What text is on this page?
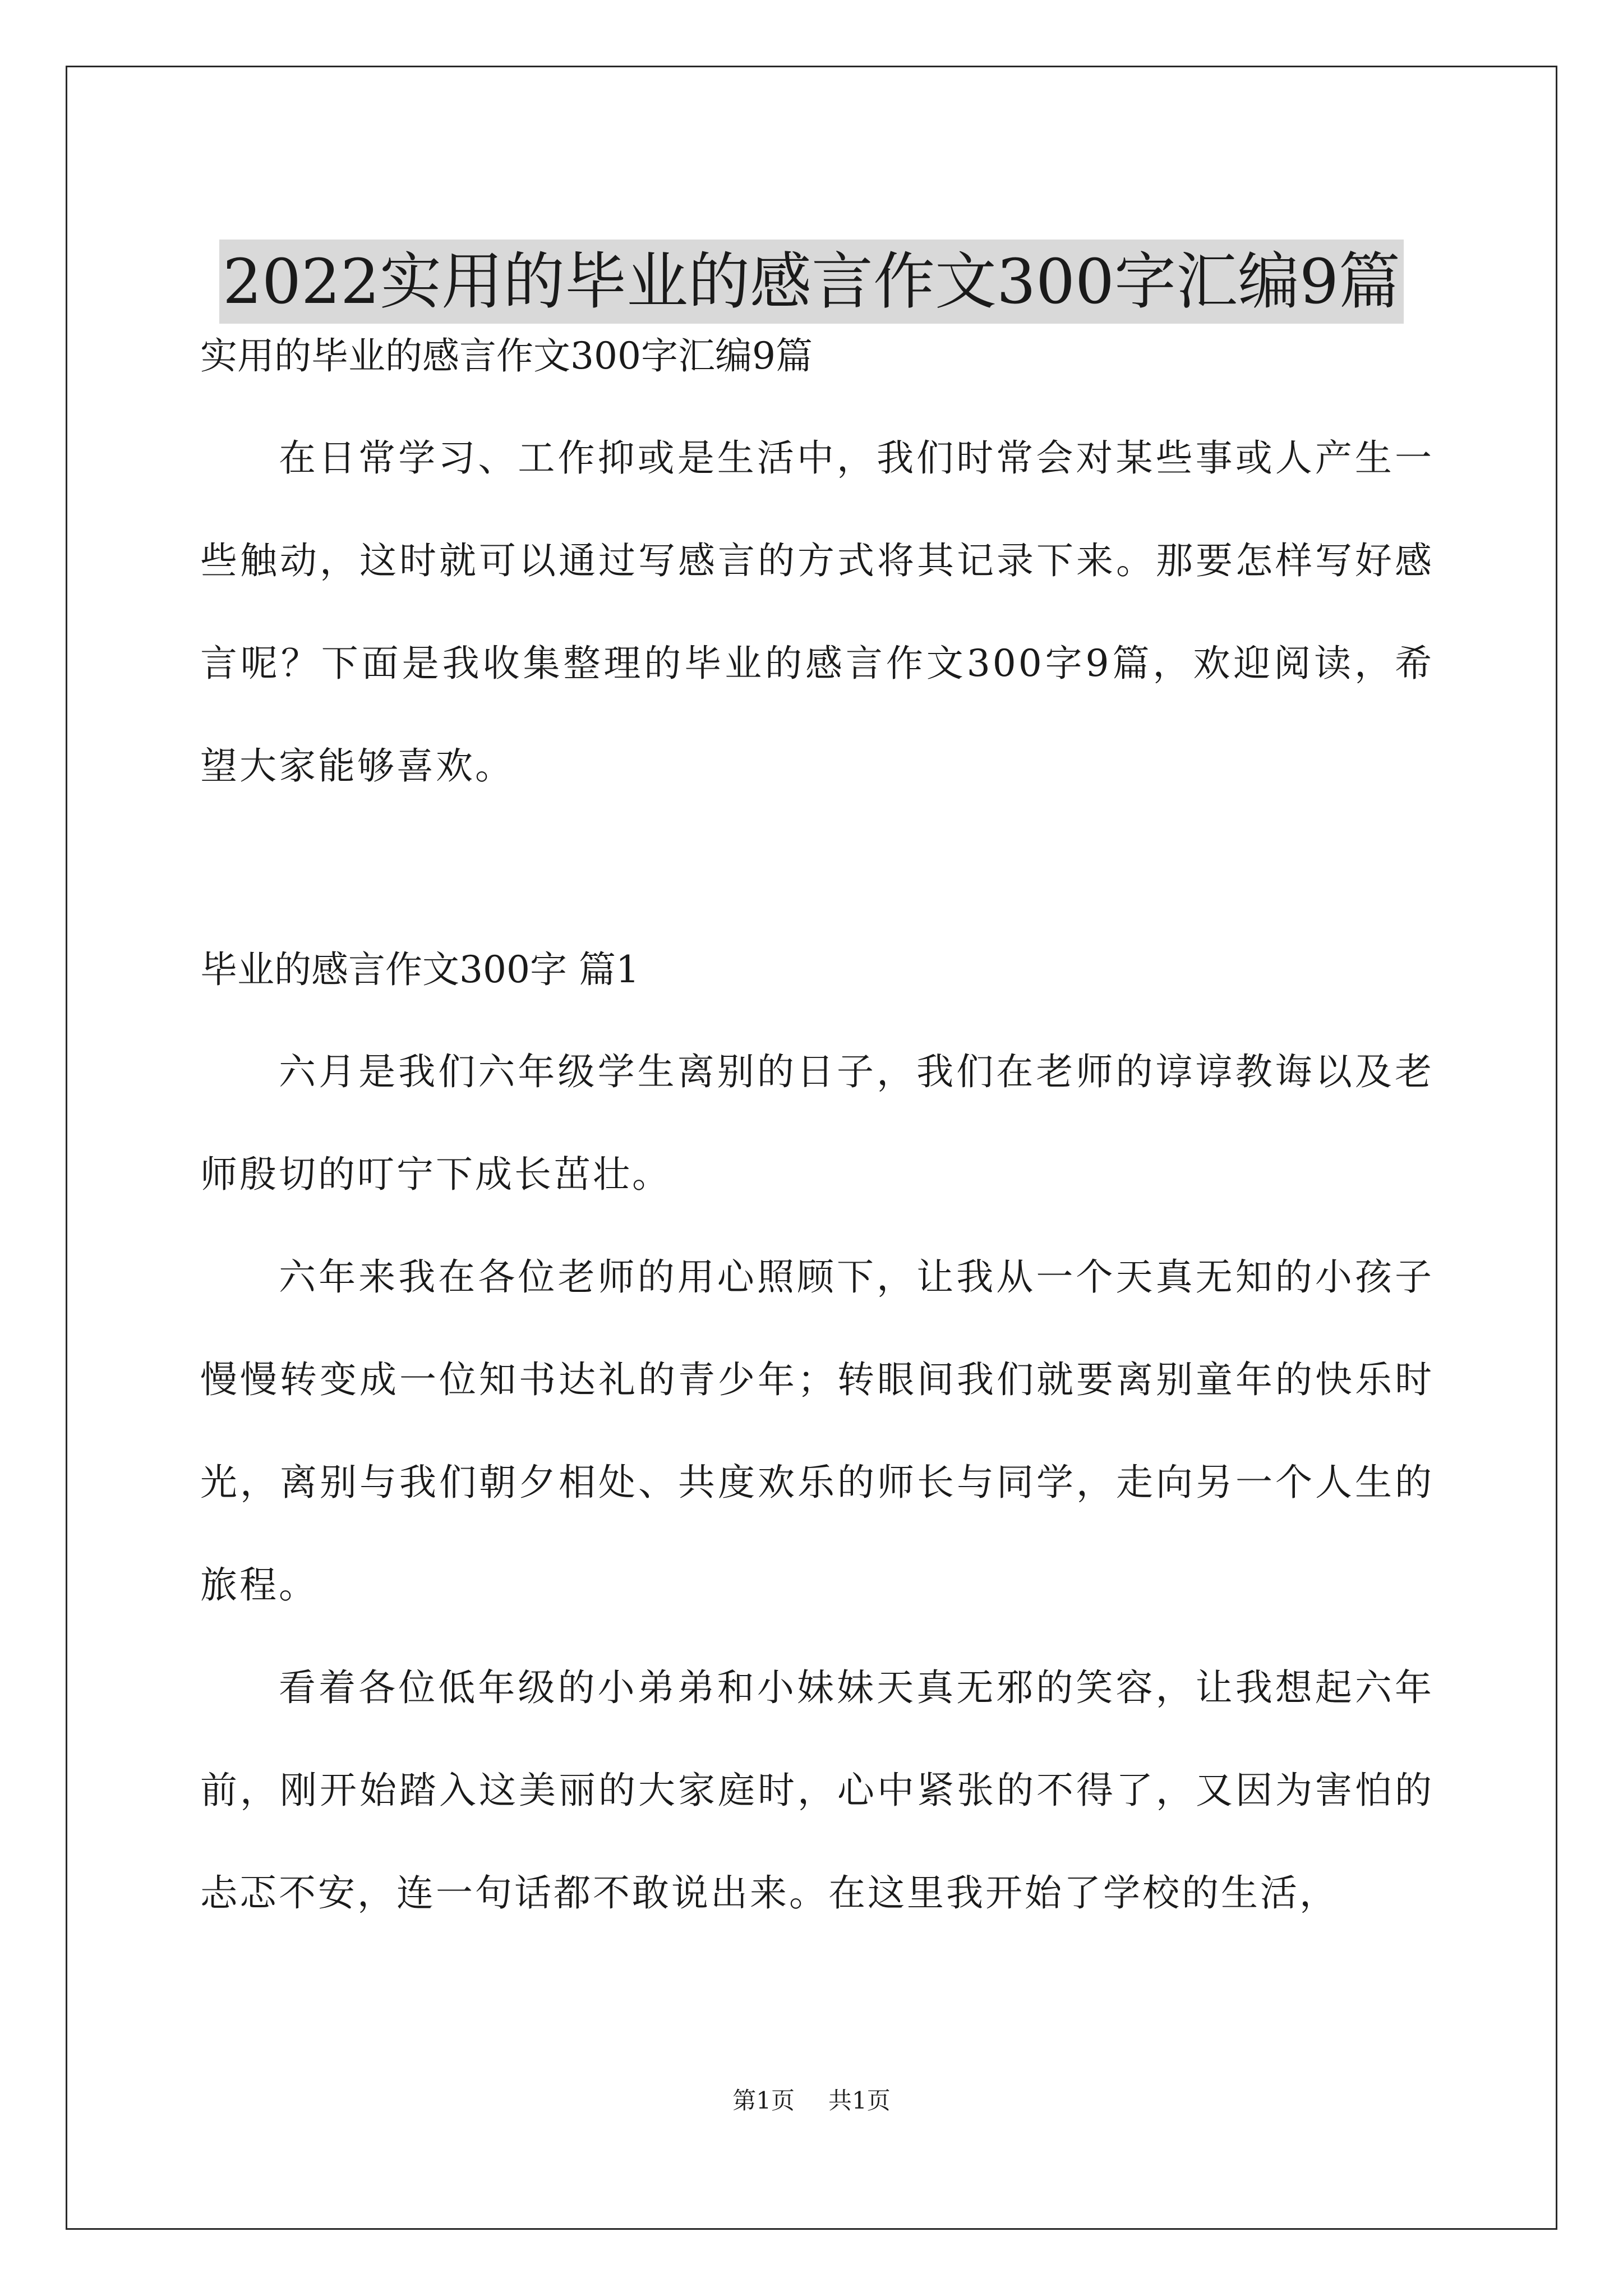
2022实用的毕业的感言作文300字汇编9篇

实用的毕业的感言作文300字汇编9篇

在日常学习、工作抑或是生活中，我们时常会对某些事或人产生一些触动，这时就可以通过写感言的方式将其记录下来。那要怎样写好感言呢？下面是我收集整理的毕业的感言作文300字9篇，欢迎阅读，希望大家能够喜欢。

毕业的感言作文300字 篇1

六月是我们六年级学生离别的日子，我们在老师的谆谆教诲以及老师殷切的叮宁下成长茁壮。

六年来我在各位老师的用心照顾下，让我从一个天真无知的小孩子慢慢转变成一位知书达礼的青少年；转眼间我们就要离别童年的快乐时光，离别与我们朝夕相处、共度欢乐的师长与同学，走向另一个人生的旅程。

看着各位低年级的小弟弟和小妹妹天真无邪的笑容，让我想起六年前，刚开始踏入这美丽的大家庭时，心中紧张的不得了，又因为害怕的忐忑不安，连一句话都不敢说出来。在这里我开始了学校的生活，

第1页 共1页
